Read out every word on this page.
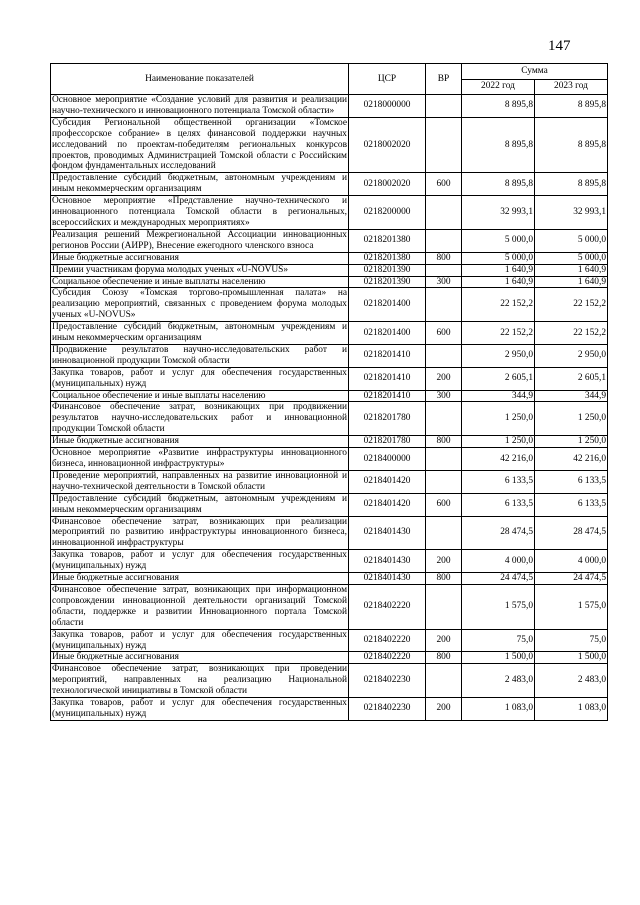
147
Наименование показателей	ЦСР	ВР	Сумма	
			2022 год	2023 год
Основное мероприятие «Создание условий для развития и реализации научно-технического и инновационного потенциала Томской области»	0218000000		8 895,8	8 895,8
Субсидия Региональной общественной организации «Томское профессорское собрание» в целях финансовой поддержки научных исследований по проектам-победителям региональных конкурсов проектов, проводимых Администрацией Томской области с Российским фондом фундаментальных исследований	0218002020		8 895,8	8 895,8
Предоставление субсидий бюджетным, автономным учреждениям и иным некоммерческим организациям	0218002020	600	8 895,8	8 895,8
Основное мероприятие «Представление научно-технического и инновационного потенциала Томской области в региональных, всероссийских и международных мероприятиях»	0218200000		32 993,1	32 993,1
Реализация решений Межрегиональной Ассоциации инновационных регионов России (АИРР), Внесение ежегодного членского взноса	0218201380		5 000,0	5 000,0
Иные бюджетные ассигнования	0218201380	800	5 000,0	5 000,0
Премии участникам форума молодых ученых «U-NOVUS»	0218201390		1 640,9	1 640,9
Социальное обеспечение и иные выплаты населению	0218201390	300	1 640,9	1 640,9
Субсидия Союзу «Томская торгово-промышленная палата» на реализацию мероприятий, связанных с проведением форума молодых ученых «U-NOVUS»	0218201400		22 152,2	22 152,2
Предоставление субсидий бюджетным, автономным учреждениям и иным некоммерческим организациям	0218201400	600	22 152,2	22 152,2
Продвижение результатов научно-исследовательских работ и инновационной продукции Томской области	0218201410		2 950,0	2 950,0
Закупка товаров, работ и услуг для обеспечения государственных (муниципальных) нужд	0218201410	200	2 605,1	2 605,1
Социальное обеспечение и иные выплаты населению	0218201410	300	344,9	344,9
Финансовое обеспечение затрат, возникающих при продвижении результатов научно-исследовательских работ и инновационной продукции Томской области	0218201780		1 250,0	1 250,0
Иные бюджетные ассигнования	0218201780	800	1 250,0	1 250,0
Основное мероприятие «Развитие инфраструктуры инновационного бизнеса, инновационной инфраструктуры»	0218400000		42 216,0	42 216,0
Проведение мероприятий, направленных на развитие инновационной и научно-технической деятельности в Томской области	0218401420		6 133,5	6 133,5
Предоставление субсидий бюджетным, автономным учреждениям и иным некоммерческим организациям	0218401420	600	6 133,5	6 133,5
Финансовое обеспечение затрат, возникающих при реализации мероприятий по развитию инфраструктуры инновационного бизнеса, инновационной инфраструктуры	0218401430		28 474,5	28 474,5
Закупка товаров, работ и услуг для обеспечения государственных (муниципальных) нужд	0218401430	200	4 000,0	4 000,0
Иные бюджетные ассигнования	0218401430	800	24 474,5	24 474,5
Финансовое обеспечение затрат, возникающих при информационном сопровождении инновационной деятельности организаций Томской области, поддержке и развитии Инновационного портала Томской области	0218402220		1 575,0	1 575,0
Закупка товаров, работ и услуг для обеспечения государственных (муниципальных) нужд	0218402220	200	75,0	75,0
Иные бюджетные ассигнования	0218402220	800	1 500,0	1 500,0
Финансовое обеспечение затрат, возникающих при проведении мероприятий, направленных на реализацию Национальной технологической инициативы в Томской области	0218402230		2 483,0	2 483,0
Закупка товаров, работ и услуг для обеспечения государственных (муниципальных) нужд	0218402230	200	1 083,0	1 083,0
